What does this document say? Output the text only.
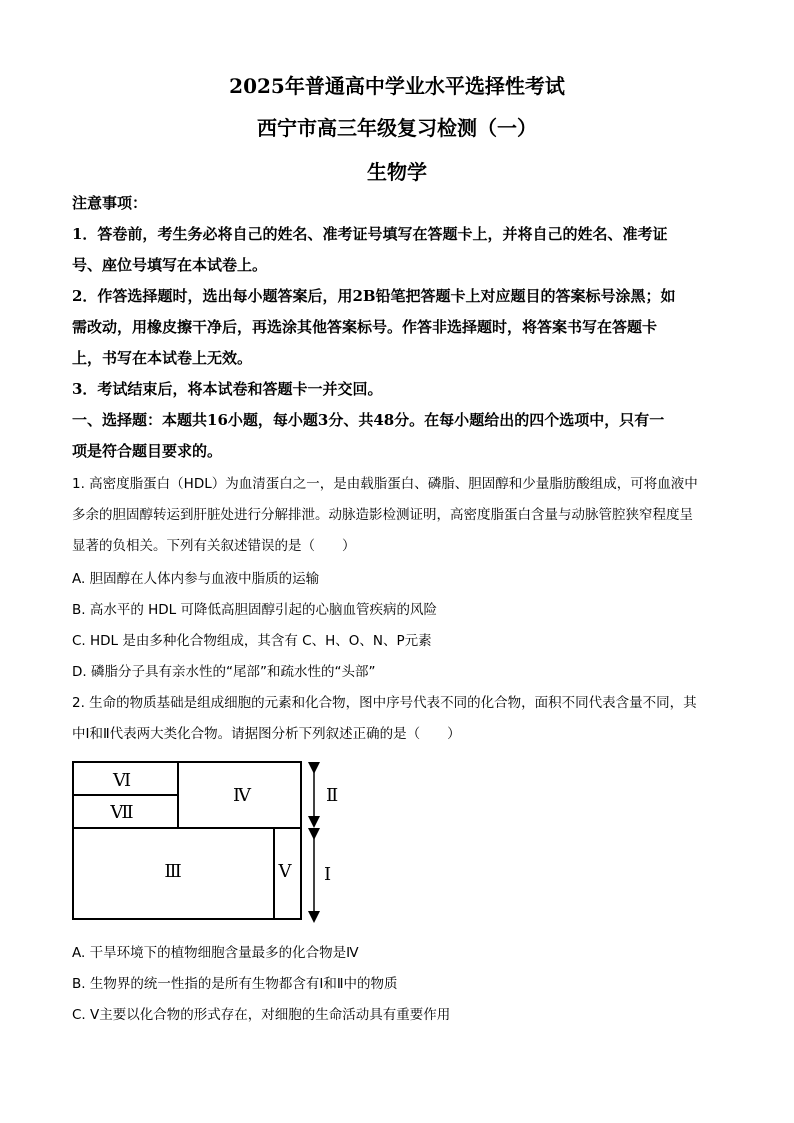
2025年普通高中学业水平选择性考试
西宁市高三年级复习检测（一）
生物学
注意事项：
1．答卷前，考生务必将自己的姓名、准考证号填写在答题卡上，并将自己的姓名、准考证
号、座位号填写在本试卷上。
2．作答选择题时，选出每小题答案后，用2B铅笔把答题卡上对应题目的答案标号涂黑；如
需改动，用橡皮擦干净后，再选涂其他答案标号。作答非选择题时，将答案书写在答题卡
上，书写在本试卷上无效。
3．考试结束后，将本试卷和答题卡一并交回。
一、选择题：本题共16小题，每小题3分、共48分。在每小题给出的四个选项中，只有一
项是符合题目要求的。
1. 高密度脂蛋白（HDL）为血清蛋白之一，是由载脂蛋白、磷脂、胆固醇和少量脂肪酸组成，可将血液中
多余的胆固醇转运到肝脏处进行分解排泄。动脉造影检测证明，高密度脂蛋白含量与动脉管腔狭窄程度呈
显著的负相关。下列有关叙述错误的是（　　）
A. 胆固醇在人体内参与血液中脂质的运输
B. 高水平的 HDL 可降低高胆固醇引起的心脑血管疾病的风险
C. HDL 是由多种化合物组成，其含有 C、H、O、N、P元素
D. 磷脂分子具有亲水性的“尾部”和疏水性的“头部”
2. 生命的物质基础是组成细胞的元素和化合物，图中序号代表不同的化合物，面积不同代表含量不同，其
中Ⅰ和Ⅱ代表两大类化合物。请据图分析下列叙述正确的是（　　）
Ⅵ
Ⅶ
Ⅳ
Ⅲ	Ⅴ
Ⅱ
Ⅰ
A. 干旱环境下的植物细胞含量最多的化合物是Ⅳ
B. 生物界的统一性指的是所有生物都含有Ⅰ和Ⅱ中的物质
C. Ⅴ主要以化合物的形式存在，对细胞的生命活动具有重要作用
